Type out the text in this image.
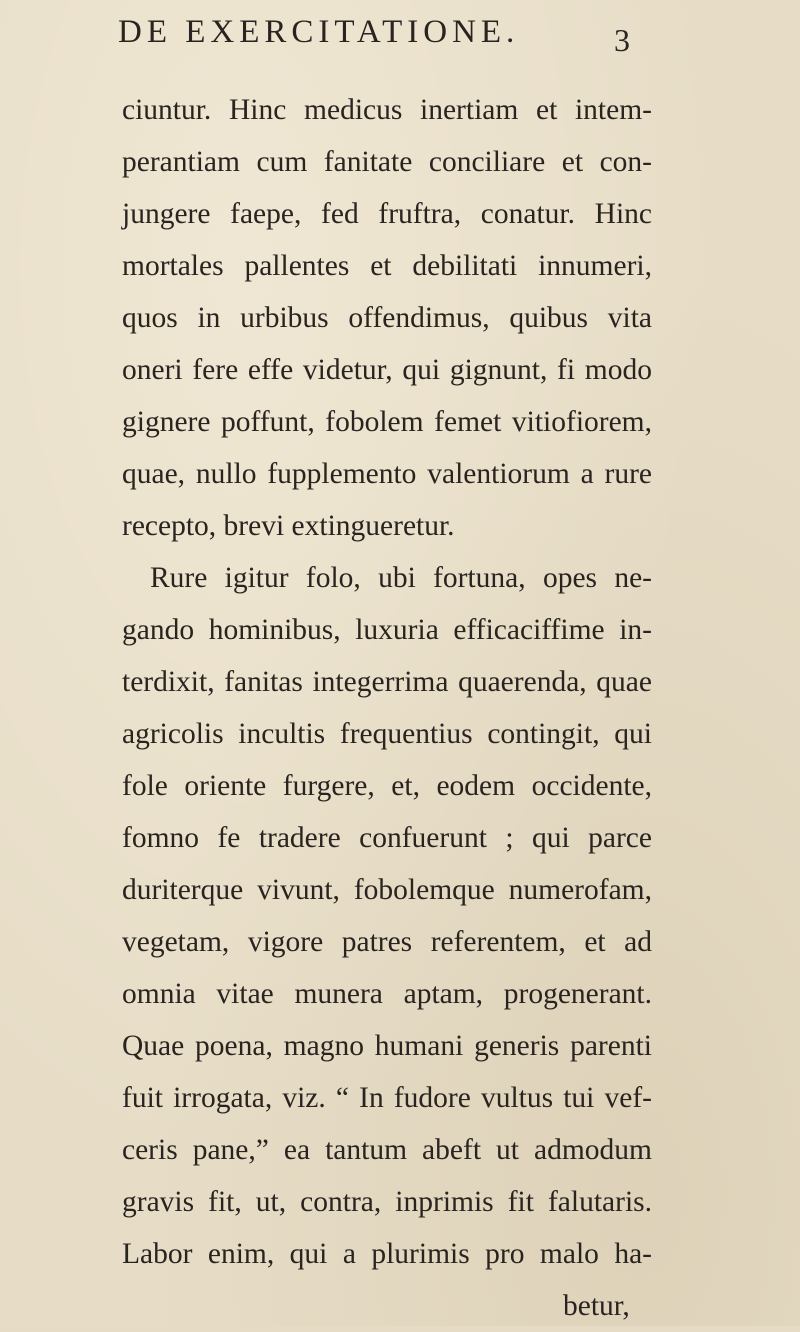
DE EXERCITATIONE.	3
ciuntur. Hinc medicus inertiam et intem-
perantiam cum fanitate conciliare et con-
jungere faepe, fed fruftra, conatur. Hinc
mortales pallentes et debilitati innumeri,
quos in urbibus offendimus, quibus vita
oneri fere effe videtur, qui gignunt, fi modo
gignere poffunt, fobolem femet vitiofiorem,
quae, nullo fupplemento valentiorum a rure
recepto, brevi extingueretur.
Rure igitur folo, ubi fortuna, opes ne-
gando hominibus, luxuria efficaciffime in-
terdixit, fanitas integerrima quaerenda, quae
agricolis incultis frequentius contingit, qui
fole oriente furgere, et, eodem occidente,
fomno fe tradere confuerunt ; qui parce
duriterque vivunt, fobolemque numerofam,
vegetam, vigore patres referentem, et ad
omnia vitae munera aptam, progenerant.
Quae poena, magno humani generis parenti
fuit irrogata, viz. “ In fudore vultus tui vef-
ceris pane,” ea tantum abeft ut admodum
gravis fit, ut, contra, inprimis fit falutaris.
Labor enim, qui a plurimis pro malo ha-
betur,
